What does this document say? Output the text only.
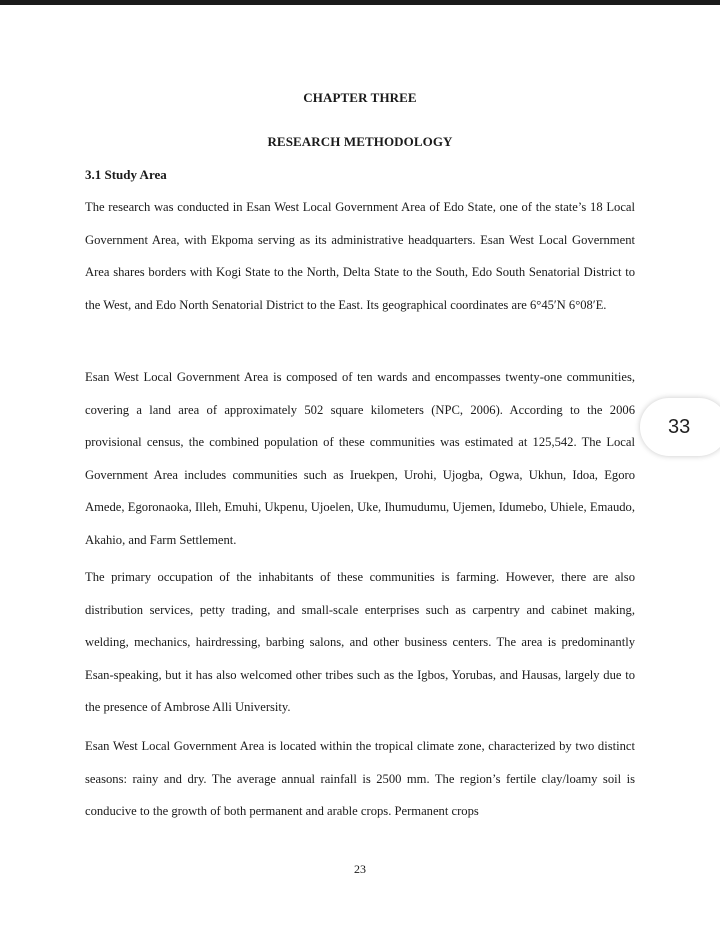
CHAPTER THREE
RESEARCH METHODOLOGY
3.1 Study Area

The research was conducted in Esan West Local Government Area of Edo State, one of the state’s 18 Local Government Area, with Ekpoma serving as its administrative headquarters. Esan West Local Government Area shares borders with Kogi State to the North, Delta State to the South, Edo South Senatorial District to the West, and Edo North Senatorial District to the East. Its geographical coordinates are 6°45′N 6°08′E.

Esan West Local Government Area is composed of ten wards and encompasses twenty-one communities, covering a land area of approximately 502 square kilometers (NPC, 2006). According to the 2006 provisional census, the combined population of these communities was estimated at 125,542. The Local Government Area includes communities such as Iruekpen, Urohi, Ujogba, Ogwa, Ukhun, Idoa, Egoro Amede, Egoronaoka, Illeh, Emuhi, Ukpenu, Ujoelen, Uke, Ihumudumu, Ujemen, Idumebo, Uhiele, Emaudo, Akahio, and Farm Settlement.

The primary occupation of the inhabitants of these communities is farming. However, there are also distribution services, petty trading, and small-scale enterprises such as carpentry and cabinet making, welding, mechanics, hairdressing, barbing salons, and other business centers. The area is predominantly Esan-speaking, but it has also welcomed other tribes such as the Igbos, Yorubas, and Hausas, largely due to the presence of Ambrose Alli University.

Esan West Local Government Area is located within the tropical climate zone, characterized by two distinct seasons: rainy and dry. The average annual rainfall is 2500 mm. The region’s fertile clay/loamy soil is conducive to the growth of both permanent and arable crops. Permanent crops

23
33
